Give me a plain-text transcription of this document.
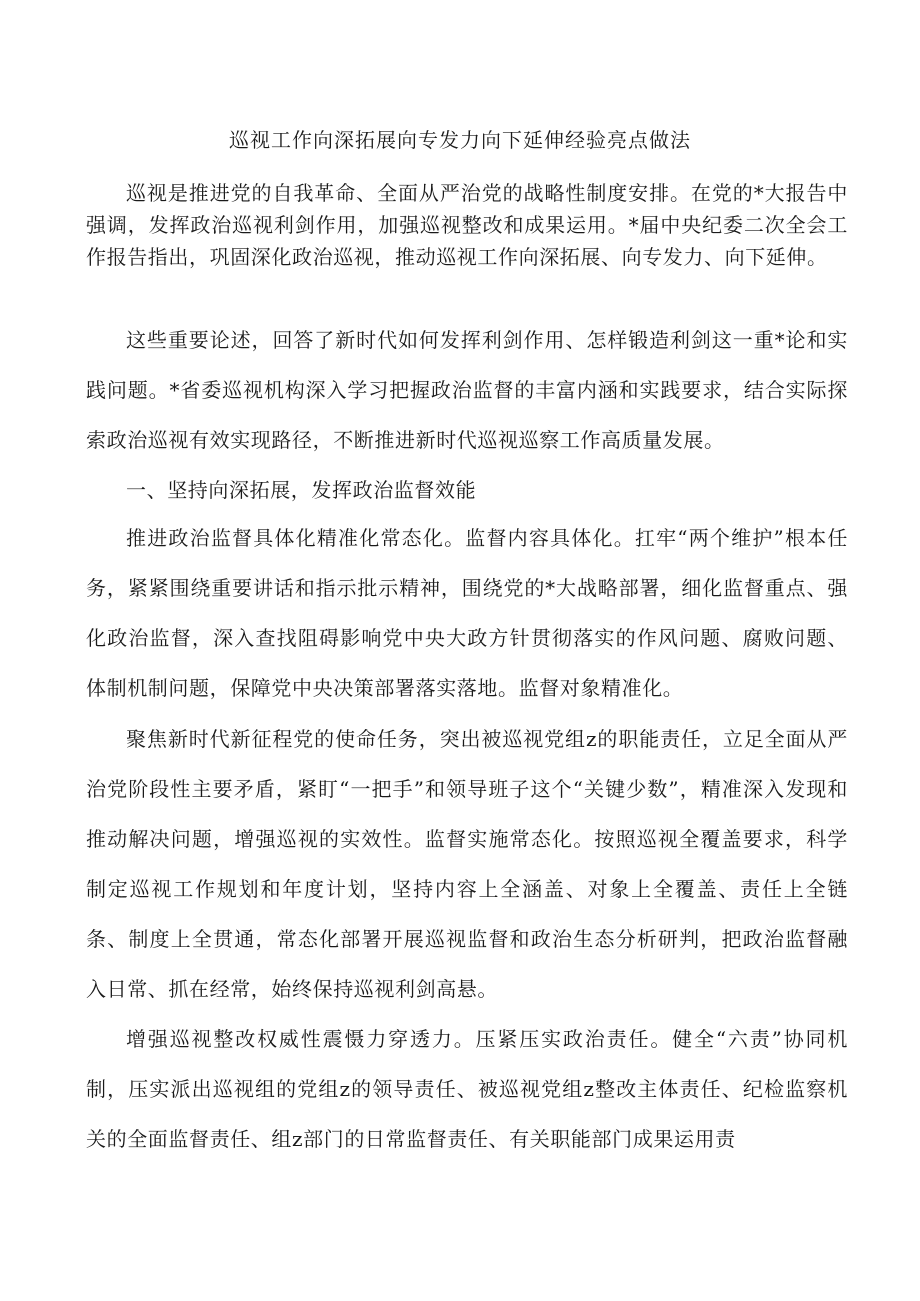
巡视工作向深拓展向专发力向下延伸经验亮点做法

巡视是推进党的自我革命、全面从严治党的战略性制度安排。在党的*大报告中强调，发挥政治巡视利剑作用，加强巡视整改和成果运用。*届中央纪委二次全会工作报告指出，巩固深化政治巡视，推动巡视工作向深拓展、向专发力、向下延伸。

这些重要论述，回答了新时代如何发挥利剑作用、怎样锻造利剑这一重*论和实践问题。*省委巡视机构深入学习把握政治监督的丰富内涵和实践要求，结合实际探索政治巡视有效实现路径，不断推进新时代巡视巡察工作高质量发展。

一、坚持向深拓展，发挥政治监督效能

推进政治监督具体化精准化常态化。监督内容具体化。扛牢“两个维护”根本任务，紧紧围绕重要讲话和指示批示精神，围绕党的*大战略部署，细化监督重点、强化政治监督，深入查找阻碍影响党中央大政方针贯彻落实的作风问题、腐败问题、体制机制问题，保障党中央决策部署落实落地。监督对象精准化。

聚焦新时代新征程党的使命任务，突出被巡视党组z的职能责任，立足全面从严治党阶段性主要矛盾，紧盯“一把手”和领导班子这个“关键少数”，精准深入发现和推动解决问题，增强巡视的实效性。监督实施常态化。按照巡视全覆盖要求，科学制定巡视工作规划和年度计划，坚持内容上全涵盖、对象上全覆盖、责任上全链条、制度上全贯通，常态化部署开展巡视监督和政治生态分析研判，把政治监督融入日常、抓在经常，始终保持巡视利剑高悬。

增强巡视整改权威性震慑力穿透力。压紧压实政治责任。健全“六责”协同机制，压实派出巡视组的党组z的领导责任、被巡视党组z整改主体责任、纪检监察机关的全面监督责任、组z部门的日常监督责任、有关职能部门成果运用责
